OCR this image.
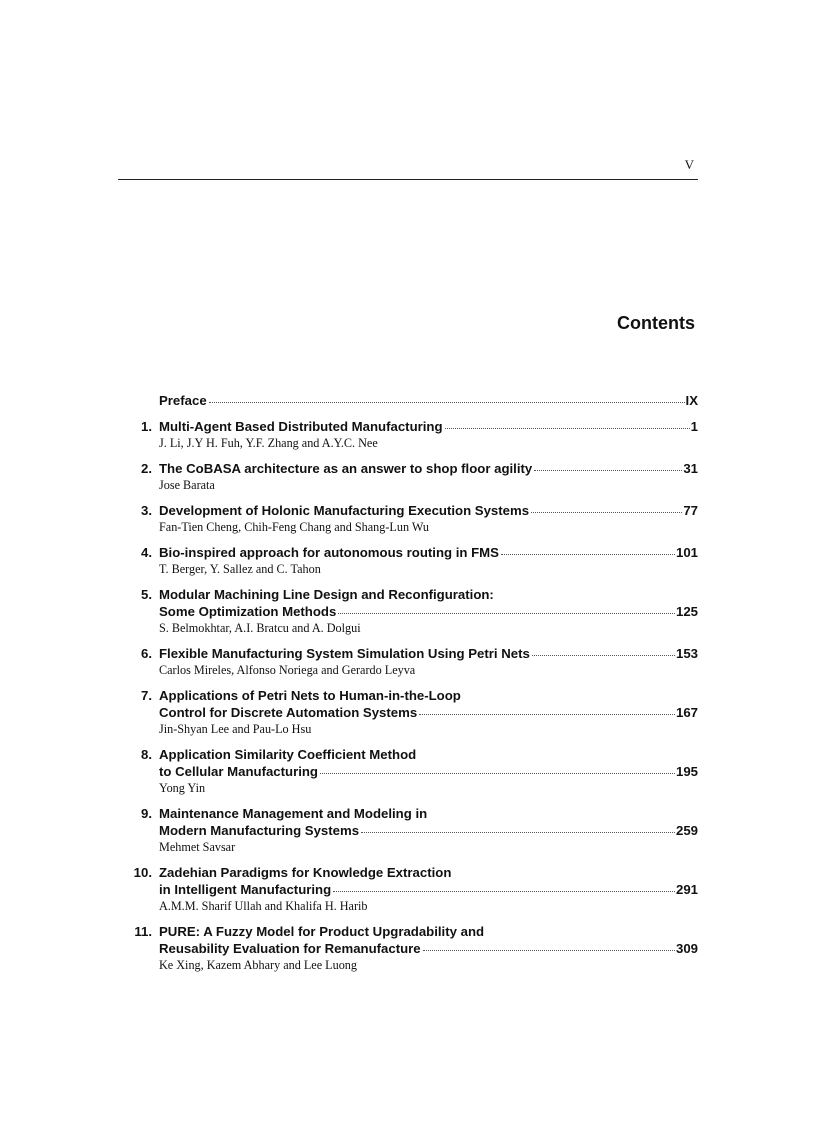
V
Contents
Preface	IX
1. Multi-Agent Based Distributed Manufacturing	1
J. Li, J.Y H. Fuh, Y.F. Zhang and A.Y.C. Nee
2. The CoBASA architecture as an answer to shop floor agility	31
Jose Barata
3. Development of Holonic Manufacturing Execution Systems	77
Fan-Tien Cheng, Chih-Feng Chang and Shang-Lun Wu
4. Bio-inspired approach for autonomous routing in FMS	101
T. Berger, Y. Sallez and C. Tahon
5. Modular Machining Line Design and Reconfiguration:
Some Optimization Methods	125
S. Belmokhtar, A.I. Bratcu and A. Dolgui
6. Flexible Manufacturing System Simulation Using Petri Nets	153
Carlos Mireles, Alfonso Noriega and Gerardo Leyva
7. Applications of Petri Nets to Human-in-the-Loop
Control for Discrete Automation Systems	167
Jin-Shyan Lee and Pau-Lo Hsu
8. Application Similarity Coefficient Method
to Cellular Manufacturing	195
Yong Yin
9. Maintenance Management and Modeling in
Modern Manufacturing Systems	259
Mehmet Savsar
10. Zadehian Paradigms for Knowledge Extraction
in Intelligent Manufacturing	291
A.M.M. Sharif Ullah and Khalifa H. Harib
11. PURE: A Fuzzy Model for Product Upgradability and
Reusability Evaluation for Remanufacture	309
Ke Xing, Kazem Abhary and Lee Luong
